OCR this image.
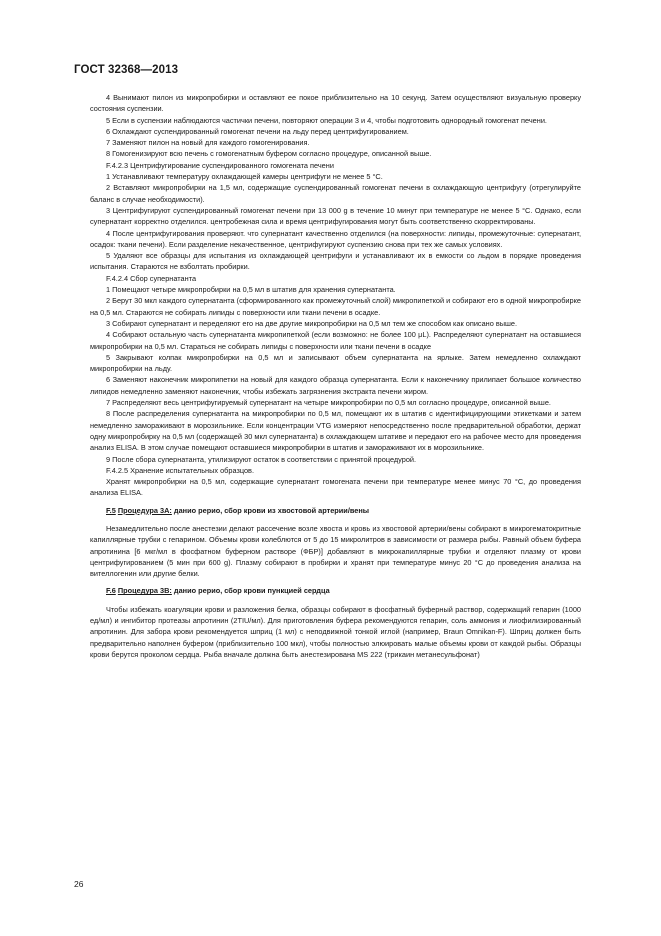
ГОСТ 32368—2013

4 Вынимают пилон из микропробирки и оставляют ее покое приблизительно на 10 секунд. Затем осуществляют визуальную проверку состояния суспензии.

5 Если в суспензии наблюдаются частички печени, повторяют операции 3 и 4, чтобы подготовить однородный гомогенат печени.

6 Охлаждают суспендированный гомогенат печени на льду перед центрифугированием.

7 Заменяют пилон на новый для каждого гомогенирования.

8 Гомогенизируют всю печень с гомогенатным буфером согласно процедуре, описанной выше.

F.4.2.3 Центрифугирование суспендированного гомогената печени

1 Устанавливают температуру охлаждающей камеры центрифуги не менее 5 °С.

2 Вставляют микропробирки на 1,5 мл, содержащие суспендированный гомогенат печени в охлаждающую центрифугу (отрегулируйте баланс в случае необходимости).

3 Центрифугируют суспендированный гомогенат печени при 13 000 g в течение 10 минут при температуре не менее 5 °С. Однако, если супернатант корректно отделился. центробежная сила и время центрифугирования могут быть соответственно скорректированы.

4 После центрифугирования проверяют. что супернатант качественно отделился (на поверхности: липиды, промежуточные: супернатант, осадок: ткани печени). Если разделение некачественное, центрифугируют суспензию снова при тех же самых условиях.

5 Удаляют все образцы для испытания из охлаждающей центрифуги и устанавливают их в емкости со льдом в порядке проведения испытания. Стараются не взболтать пробирки.

F.4.2.4 Сбор супернатанта

1 Помещают четыре микропробирки на 0,5 мл в штатив для хранения супернатанта.

2 Берут 30 мкл каждого супернатанта (сформированного как промежуточный слой) микропипеткой и собирают его в одной микропробирке на 0,5 мл. Стараются не собирать липиды с поверхности или ткани печени в осадке.

3 Собирают супернатант и переделяют его на две другие микропробирки на 0,5 мл тем же способом как описано выше.

4 Собирают остальную часть супернатанта микропипеткой (если возможно: не более 100 μL). Распределяют супернатант на оставшиеся микропробирки на 0,5 мл. Стараться не собирать липиды с поверхности или ткани печени в осадке

5 Закрывают колпак микропробирки на 0,5 мл и записывают объем супернатанта на ярлыке. Затем немедленно охлаждают микропробирки на льду.

6 Заменяют наконечник микропипетки на новый для каждого образца супернатанта. Если к наконечнику прилипает большое количество липидов немедленно заменяют наконечник, чтобы избежать загрязнения экстракта печени жиром.

7 Распределяют весь центрифугируемый супернатант на четыре микропробирки по 0,5 мл согласно процедуре, описанной выше.

8 После распределения супернатанта на микропробирки по 0,5 мл, помещают их в штатив с идентифицирующими этикетками и затем немедленно замораживают в морозильнике. Если концентрации VTG измеряют непосредственно после предварительной обработки, держат одну микропробирку на 0,5 мл (содержащей 30 мкл супернатанта) в охлаждающем штативе и передают его на рабочее место для проведения анализ ELISA. В этом случае помещают оставшиеся микропробирки в штатив и замораживают их в морозильнике.

9 После сбора супернатанта, утилизируют остаток в соответствии с принятой процедурой.

F.4.2.5 Хранение испытательных образцов.

Хранят микропробирки на 0,5 мл, содержащие супернатант гомогената печени при температуре менее минус 70 °С, до проведения анализа ELISA.

F.5 Процедура 3А: данио рерио, сбор крови из хвостовой артерии/вены

Незамедлительно после анестезии делают рассечение возле хвоста и кровь из хвостовой артерии/вены собирают в микрогематокритные капиллярные трубки с гепарином. Объемы крови колеблются от 5 до 15 микролитров в зависимости от размера рыбы. Равный объем буфера апротинина [6 мкг/мл в фосфатном буферном растворе (ФБР)] добавляют в микрокапиллярные трубки и отделяют плазму от крови центрифугированием (5 мин при 600 g). Плазму собирают в пробирки и хранят при температуре минус 20 °С до проведения анализа на вителлогенин или другие белки.

F.6 Процедура 3В: данио рерио, сбор крови пункцией сердца

Чтобы избежать коагуляции крови и разложения белка, образцы собирают в фосфатный буферный раствор, содержащий гепарин (1000 ед/мл) и ингибитор протеазы апротинин (2TIU/мл). Для приготовления буфера рекомендуются гепарин, соль аммония и лиофилизированный апротинин. Для забора крови рекомендуется шприц (1 мл) с неподвижной тонкой иглой (например, Braun Omnikan-F). Шприц должен быть предварительно наполнен буфером (приблизительно 100 мкл), чтобы полностью элюировать малые объемы крови от каждой рыбы. Образцы крови берутся проколом сердца. Рыба вначале должна быть анестезирована MS 222 (трикаин метанесульфонат)

26
